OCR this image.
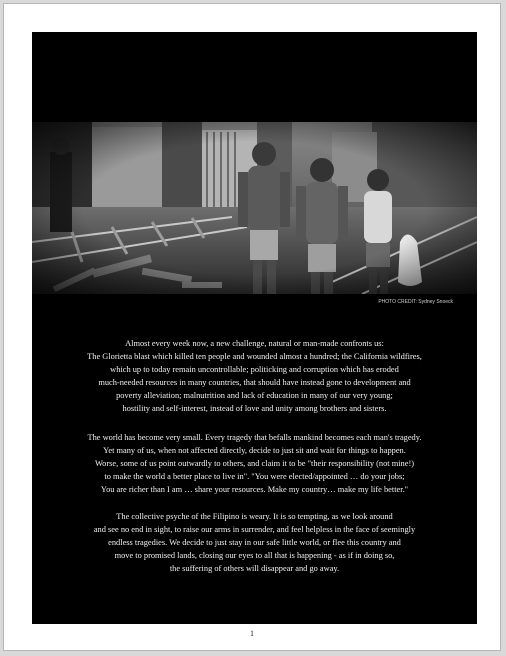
PHOTO CREDIT: Sydney Snoeck

Almost every week now, a new challenge, natural or man-made confronts us:

The Glorietta blast which killed ten people and wounded almost a hundred; the California wildfires,

which up to today remain uncontrollable; politicking and corruption which has eroded

much-needed resources in many countries, that should have instead gone to development and

poverty alleviation; malnutrition and lack of education in many of our very young;

hostility and self-interest, instead of love and unity among brothers and sisters.

The world has become very small. Every tragedy that befalls mankind becomes each man's tragedy.

Yet many of us, when not affected directly, decide to just sit and wait for things to happen.

Worse, some of us point outwardly to others, and claim it to be "their responsibility (not mine!)

to make the world a better place to live in". "You were elected/appointed … do your jobs;

You are richer than I am … share your resources. Make my country… make my life better."

The collective psyche of the Filipino is weary. It is so tempting, as we look around

and see no end in sight, to raise our arms in surrender, and feel helpless in the face of seemingly

endless tragedies. We decide to just stay in our safe little world, or flee this country and

move to promised lands, closing our eyes to all that is happening - as if in doing so,

the suffering of others will disappear and go away.

1
